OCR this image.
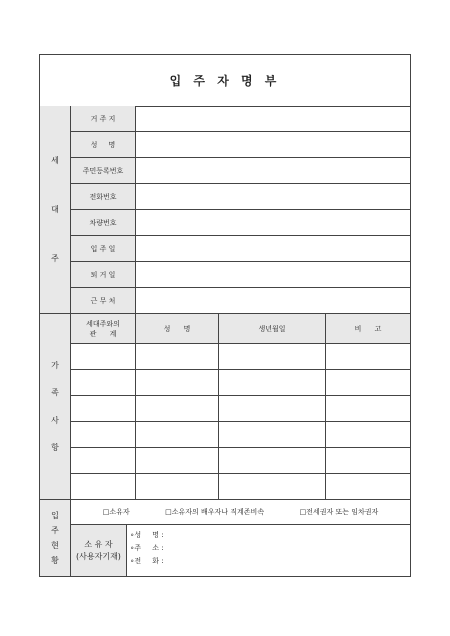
입 주 자 명 부
세
대
주
거 주 지
성     명
주민등록번호
전화번호
차량번호
입 주 일
퇴 거 일
근 무 처
가
족
사
항
세대주와의
관      계
성      명	생년월일	비      고
입
주
현
황
□소유자	□소유자의 배우자나 직계존비속	□전세권자 또는 임차권자
소 유 자
(사용자기재)
∘성     명 :
∘주     소 :
∘전     화 :
